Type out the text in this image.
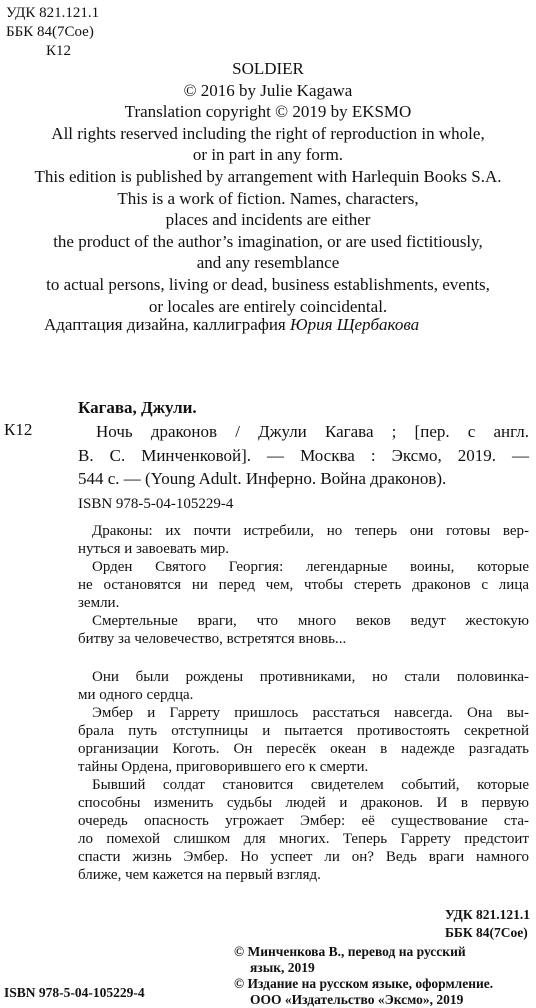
УДК 821.121.1
ББК 84(7Сое)
К12
SOLDIER
© 2016 by Julie Kagawa
Translation copyright © 2019 by EKSMO
All rights reserved including the right of reproduction in whole,
or in part in any form.
This edition is published by arrangement with Harlequin Books S.A.
This is a work of fiction. Names, characters,
places and incidents are either
the product of the author’s imagination, or are used fictitiously,
and any resemblance
to actual persons, living or dead, business establishments, events,
or locales are entirely coincidental.
Адаптация дизайна, каллиграфия Юрия Щербакова
Кагава, Джули.
К12	Ночь драконов / Джули Кагава ; [пер. с англ.
В. С. Минченковой]. — Москва : Эксмо, 2019. —
544 с. — (Young Adult. Инферно. Война драконов).
ISBN 978-5-04-105229-4
Драконы: их почти истребили, но теперь они готовы вер-
нуться и завоевать мир.
Орден Святого Георгия: легендарные воины, которые
не остановятся ни перед чем, чтобы стереть драконов с лица
земли.
Смертельные враги, что много веков ведут жестокую
битву за человечество, встретятся вновь...
Они были рождены противниками, но стали половинка-
ми одного сердца.
Эмбер и Гаррету пришлось расстаться навсегда. Она вы-
брала путь отступницы и пытается противостоять секретной
организации Коготь. Он пересёк океан в надежде разгадать
тайны Ордена, приговорившего его к смерти.
Бывший солдат становится свидетелем событий, которые
способны изменить судьбы людей и драконов. И в первую
очередь опасность угрожает Эмбер: её существование ста-
ло помехой слишком для многих. Теперь Гаррету предстоит
спасти жизнь Эмбер. Но успеет ли он? Ведь враги намного
ближе, чем кажется на первый взгляд.
УДК 821.121.1
ББК 84(7Сое)
© Минченкова В., перевод на русский
язык, 2019
© Издание на русском языке, оформление.
ООО «Издательство «Эксмо», 2019
ISBN 978-5-04-105229-4
